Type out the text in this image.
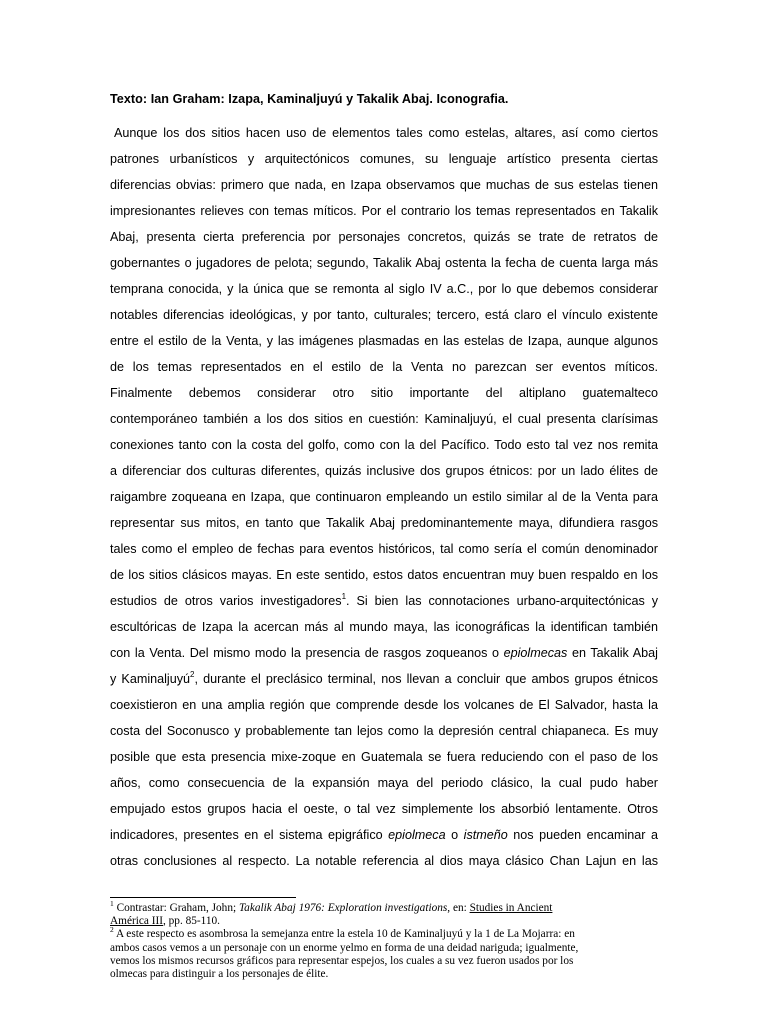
Texto: Ian Graham: Izapa, Kaminaljuyú y Takalik Abaj. Iconografia.
Aunque los dos sitios hacen uso de elementos tales como estelas, altares, así como ciertos
patrones urbanísticos y arquitectónicos comunes, su lenguaje artístico presenta ciertas
diferencias obvias: primero que nada, en Izapa observamos que muchas de sus estelas tienen
impresionantes relieves con temas míticos. Por el contrario los temas representados en Takalik
Abaj, presenta cierta preferencia por personajes concretos, quizás se trate de retratos de
gobernantes o jugadores de pelota; segundo, Takalik Abaj ostenta la fecha de cuenta larga más
temprana conocida, y la única que se remonta al siglo IV a.C., por lo que debemos considerar
notables diferencias ideológicas, y por tanto, culturales; tercero, está claro el vínculo existente
entre el estilo de la Venta, y las imágenes plasmadas en las estelas de Izapa, aunque algunos
de los temas representados en el estilo de la Venta no parezcan ser eventos míticos.
Finalmente debemos considerar otro sitio importante del altiplano guatemalteco
contemporáneo también a los dos sitios en cuestión: Kaminaljuyú, el cual presenta clarísimas
conexiones tanto con la costa del golfo, como con la del Pacífico. Todo esto tal vez nos remita
a diferenciar dos culturas diferentes, quizás inclusive dos grupos étnicos: por un lado élites de
raigambre zoqueana en Izapa, que continuaron empleando un estilo similar al de la Venta para
representar sus mitos, en tanto que Takalik Abaj predominantemente maya, difundiera rasgos
tales como el empleo de fechas para eventos históricos, tal como sería el común denominador
de los sitios clásicos mayas. En este sentido, estos datos encuentran muy buen respaldo en los
estudios de otros varios investigadores$^1$. Si bien las connotaciones urbano-arquitectónicas y
escultóricas de Izapa la acercan más al mundo maya, las iconográficas la identifican también
con la Venta. Del mismo modo la presencia de rasgos zoqueanos o epiolmecas en Takalik Abaj
y Kaminaljuyú$^2$, durante el preclásico terminal, nos llevan a concluir que ambos grupos étnicos
coexistieron en una amplia región que comprende desde los volcanes de El Salvador, hasta la
costa del Soconusco y probablemente tan lejos como la depresión central chiapaneca. Es muy
posible que esta presencia mixe-zoque en Guatemala se fuera reduciendo con el paso de los
años, como consecuencia de la expansión maya del periodo clásico, la cual pudo haber
empujado estos grupos hacia el oeste, o tal vez simplemente los absorbió lentamente. Otros
indicadores, presentes en el sistema epigráfico epiolmeca o istmeño nos pueden encaminar a
otras conclusiones al respecto. La notable referencia al dios maya clásico Chan Lajun en las
$^1$ Contrastar: Graham, John; Takalik Abaj 1976: Exploration investigations, en: Studies in Ancient
América III, pp. 85-110.
$^2$ A este respecto es asombrosa la semejanza entre la estela 10 de Kaminaljuyú y la 1 de La Mojarra: en
ambos casos vemos a un personaje con un enorme yelmo en forma de una deidad nariguda; igualmente,
vemos los mismos recursos gráficos para representar espejos, los cuales a su vez fueron usados por los
olmecas para distinguir a los personajes de élite.
